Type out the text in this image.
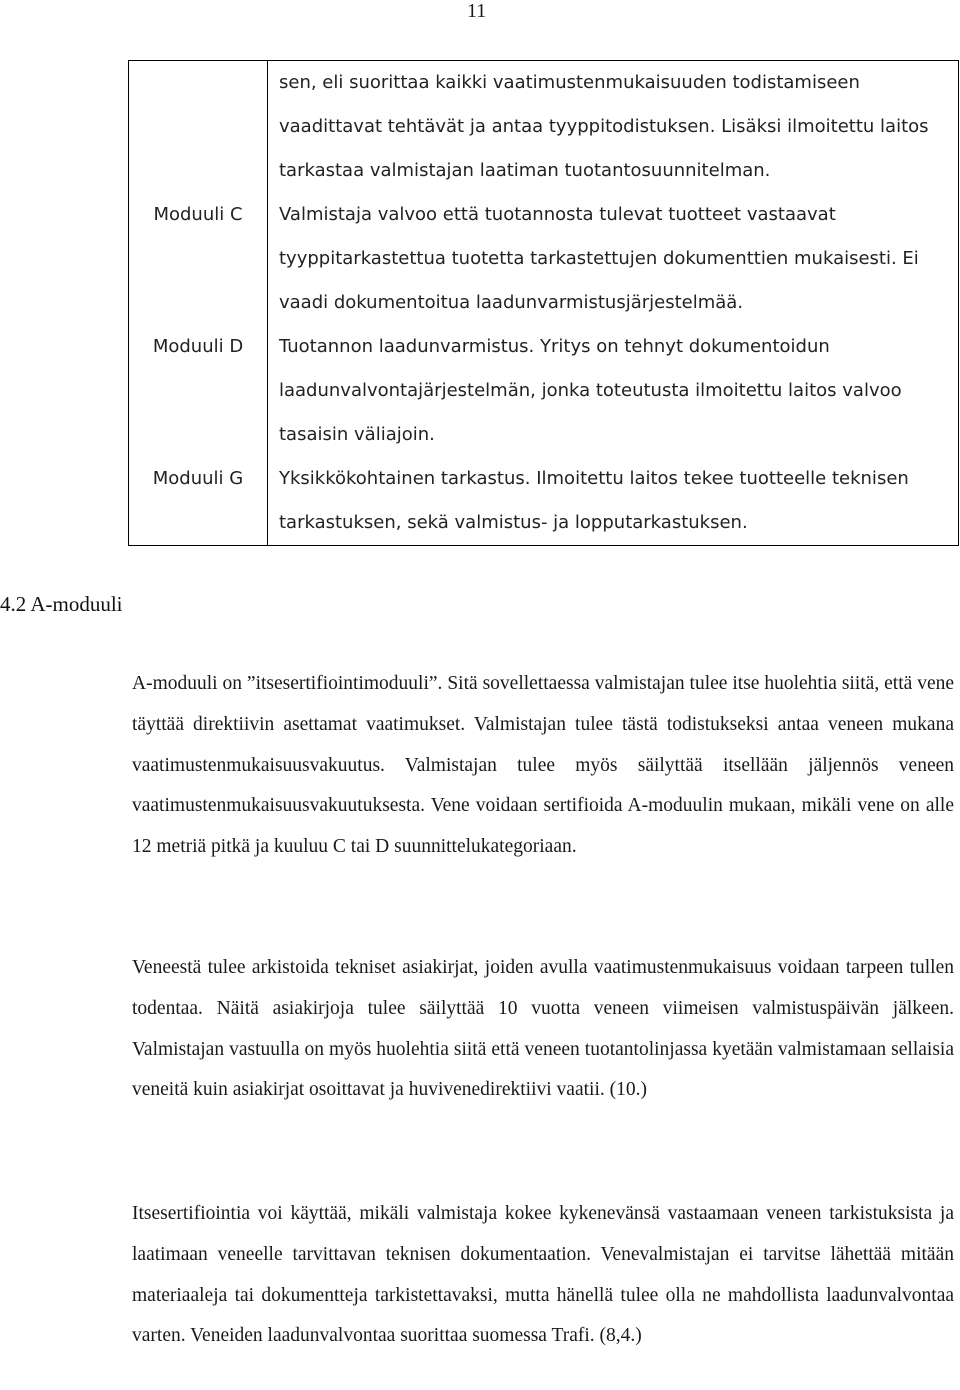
11

	sen, eli suorittaa kaikki vaatimustenmukaisuuden todistamiseen vaadittavat tehtävät ja antaa tyyppitodistuksen. Lisäksi ilmoitettu laitos tarkastaa valmistajan laatiman tuotantosuunnitelman.

Moduuli C	Valmistaja valvoo että tuotannosta tulevat tuotteet vastaavat tyyppitarkastettua tuotetta tarkastettujen dokumenttien mukaisesti. Ei vaadi dokumentoitua laadunvarmistusjärjestelmää.

Moduuli D	Tuotannon laadunvarmistus. Yritys on tehnyt dokumentoidun laadunvalvontajärjestelmän, jonka toteutusta ilmoitettu laitos valvoo tasaisin väliajoin.

Moduuli G	Yksikkökohtainen tarkastus. Ilmoitettu laitos tekee tuotteelle teknisen tarkastuksen, sekä valmistus- ja lopputarkastuksen.
4.2 A-moduuli

A-moduuli on ”itsesertifiointimoduuli”. Sitä sovellettaessa valmistajan tulee itse huolehtia siitä, että vene täyttää direktiivin asettamat vaatimukset. Valmistajan tulee tästä todistukseksi antaa veneen mukana vaatimustenmukaisuusvakuutus. Valmistajan tulee myös säilyttää itsellään jäljennös veneen vaatimustenmukaisuusvakuutuksesta. Vene voidaan sertifioida A-moduulin mukaan, mikäli vene on alle 12 metriä pitkä ja kuuluu C tai D suunnittelukategoriaan.

Veneestä tulee arkistoida tekniset asiakirjat, joiden avulla vaatimustenmukaisuus voidaan tarpeen tullen todentaa. Näitä asiakirjoja tulee säilyttää 10 vuotta veneen viimeisen valmistuspäivän jälkeen. Valmistajan vastuulla on myös huolehtia siitä että veneen tuotantolinjassa kyetään valmistamaan sellaisia veneitä kuin asiakirjat osoittavat ja huvivenedirektiivi vaatii. (10.)

Itsesertifiointia voi käyttää, mikäli valmistaja kokee kykenevänsä vastaamaan veneen tarkistuksista ja laatimaan veneelle tarvittavan teknisen dokumentaation. Venevalmistajan ei tarvitse lähettää mitään materiaaleja tai dokumentteja tarkistettavaksi, mutta hänellä tulee olla ne mahdollista laadunvalvontaa varten. Veneiden laadunvalvontaa suorittaa suomessa Trafi. (8,4.)
